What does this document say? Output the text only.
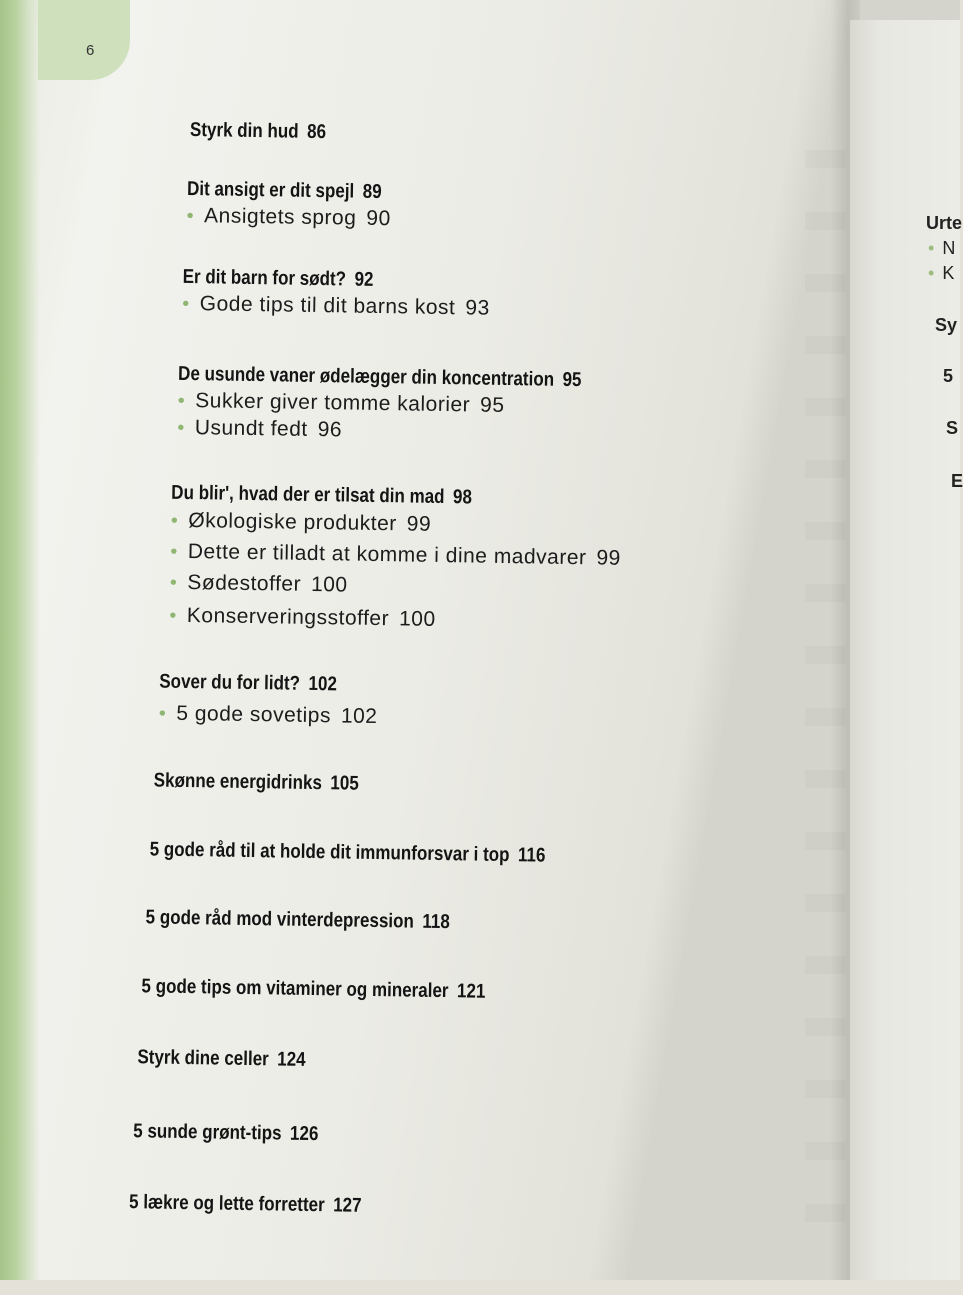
6
Styrk din hud 86
Dit ansigt er dit spejl 89
• Ansigtets sprog 90
Er dit barn for sødt? 92
• Gode tips til dit barns kost 93
De usunde vaner ødelægger din koncentration 95
• Sukker giver tomme kalorier 95
• Usundt fedt 96
Du blir', hvad der er tilsat din mad 98
• Økologiske produkter 99
• Dette er tilladt at komme i dine madvarer 99
• Sødestoffer 100
• Konserveringsstoffer 100
Sover du for lidt? 102
• 5 gode sovetips 102
Skønne energidrinks 105
5 gode råd til at holde dit immunforsvar i top 116
5 gode råd mod vinterdepression 118
5 gode tips om vitaminer og mineraler 121
Styrk dine celler 124
5 sunde grønt-tips 126
5 lækre og lette forretter 127
Urte
• N
• K
Sy
5
S
E
